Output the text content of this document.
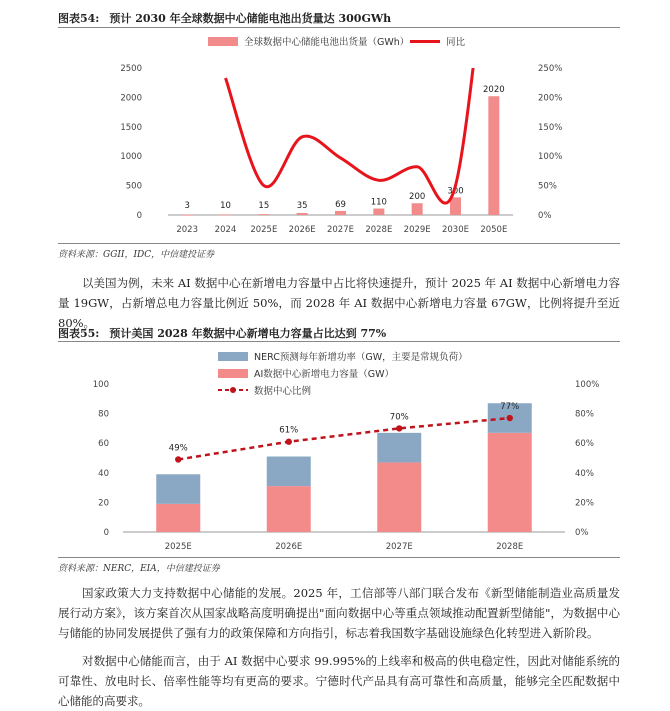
图表54: 预计 2030 年全球数据中心储能电池出货量达 300GWh
全球数据中心储能电池出货量（GWh）	同比
0
500
1000
1500
2000
2500
0%
50%
100%
150%
200%
250%
3
2023
10
2024
15
2025E
35
2026E
69
2027E
110
2028E
200
2029E
300
2030E
2020
2050E
资料来源：GGII，IDC，中信建投证券
以美国为例，未来 AI 数据中心在新增电力容量中占比将快速提升，预计 2025 年 AI 数据中心新增电力容量 19GW，占新增总电力容量比例近 50%，而 2028 年 AI 数据中心新增电力容量 67GW，比例将提升至近 80%。
图表55: 预计美国 2028 年数据中心新增电力容量占比达到 77%
NERC预测每年新增功率（GW，主要是常规负荷）
AI数据中心新增电力容量（GW）
数据中心比例
0
20
40
60
80
100
0%
20%
40%
60%
80%
100%
2025E	2026E	2027E	2028E
49%
61%
70%
77%
资料来源：NERC，EIA，中信建投证券
国家政策大力支持数据中心储能的发展。2025 年，工信部等八部门联合发布《新型储能制造业高质量发展行动方案》，该方案首次从国家战略高度明确提出"面向数据中心等重点领域推动配置新型储能"，为数据中心与储能的协同发展提供了强有力的政策保障和方向指引，标志着我国数字基础设施绿色化转型进入新阶段。
对数据中心储能而言，由于 AI 数据中心要求 99.995%的上线率和极高的供电稳定性，因此对储能系统的可靠性、放电时长、倍率性能等均有更高的要求。宁德时代产品具有高可靠性和高质量，能够完全匹配数据中心储能的高要求。
